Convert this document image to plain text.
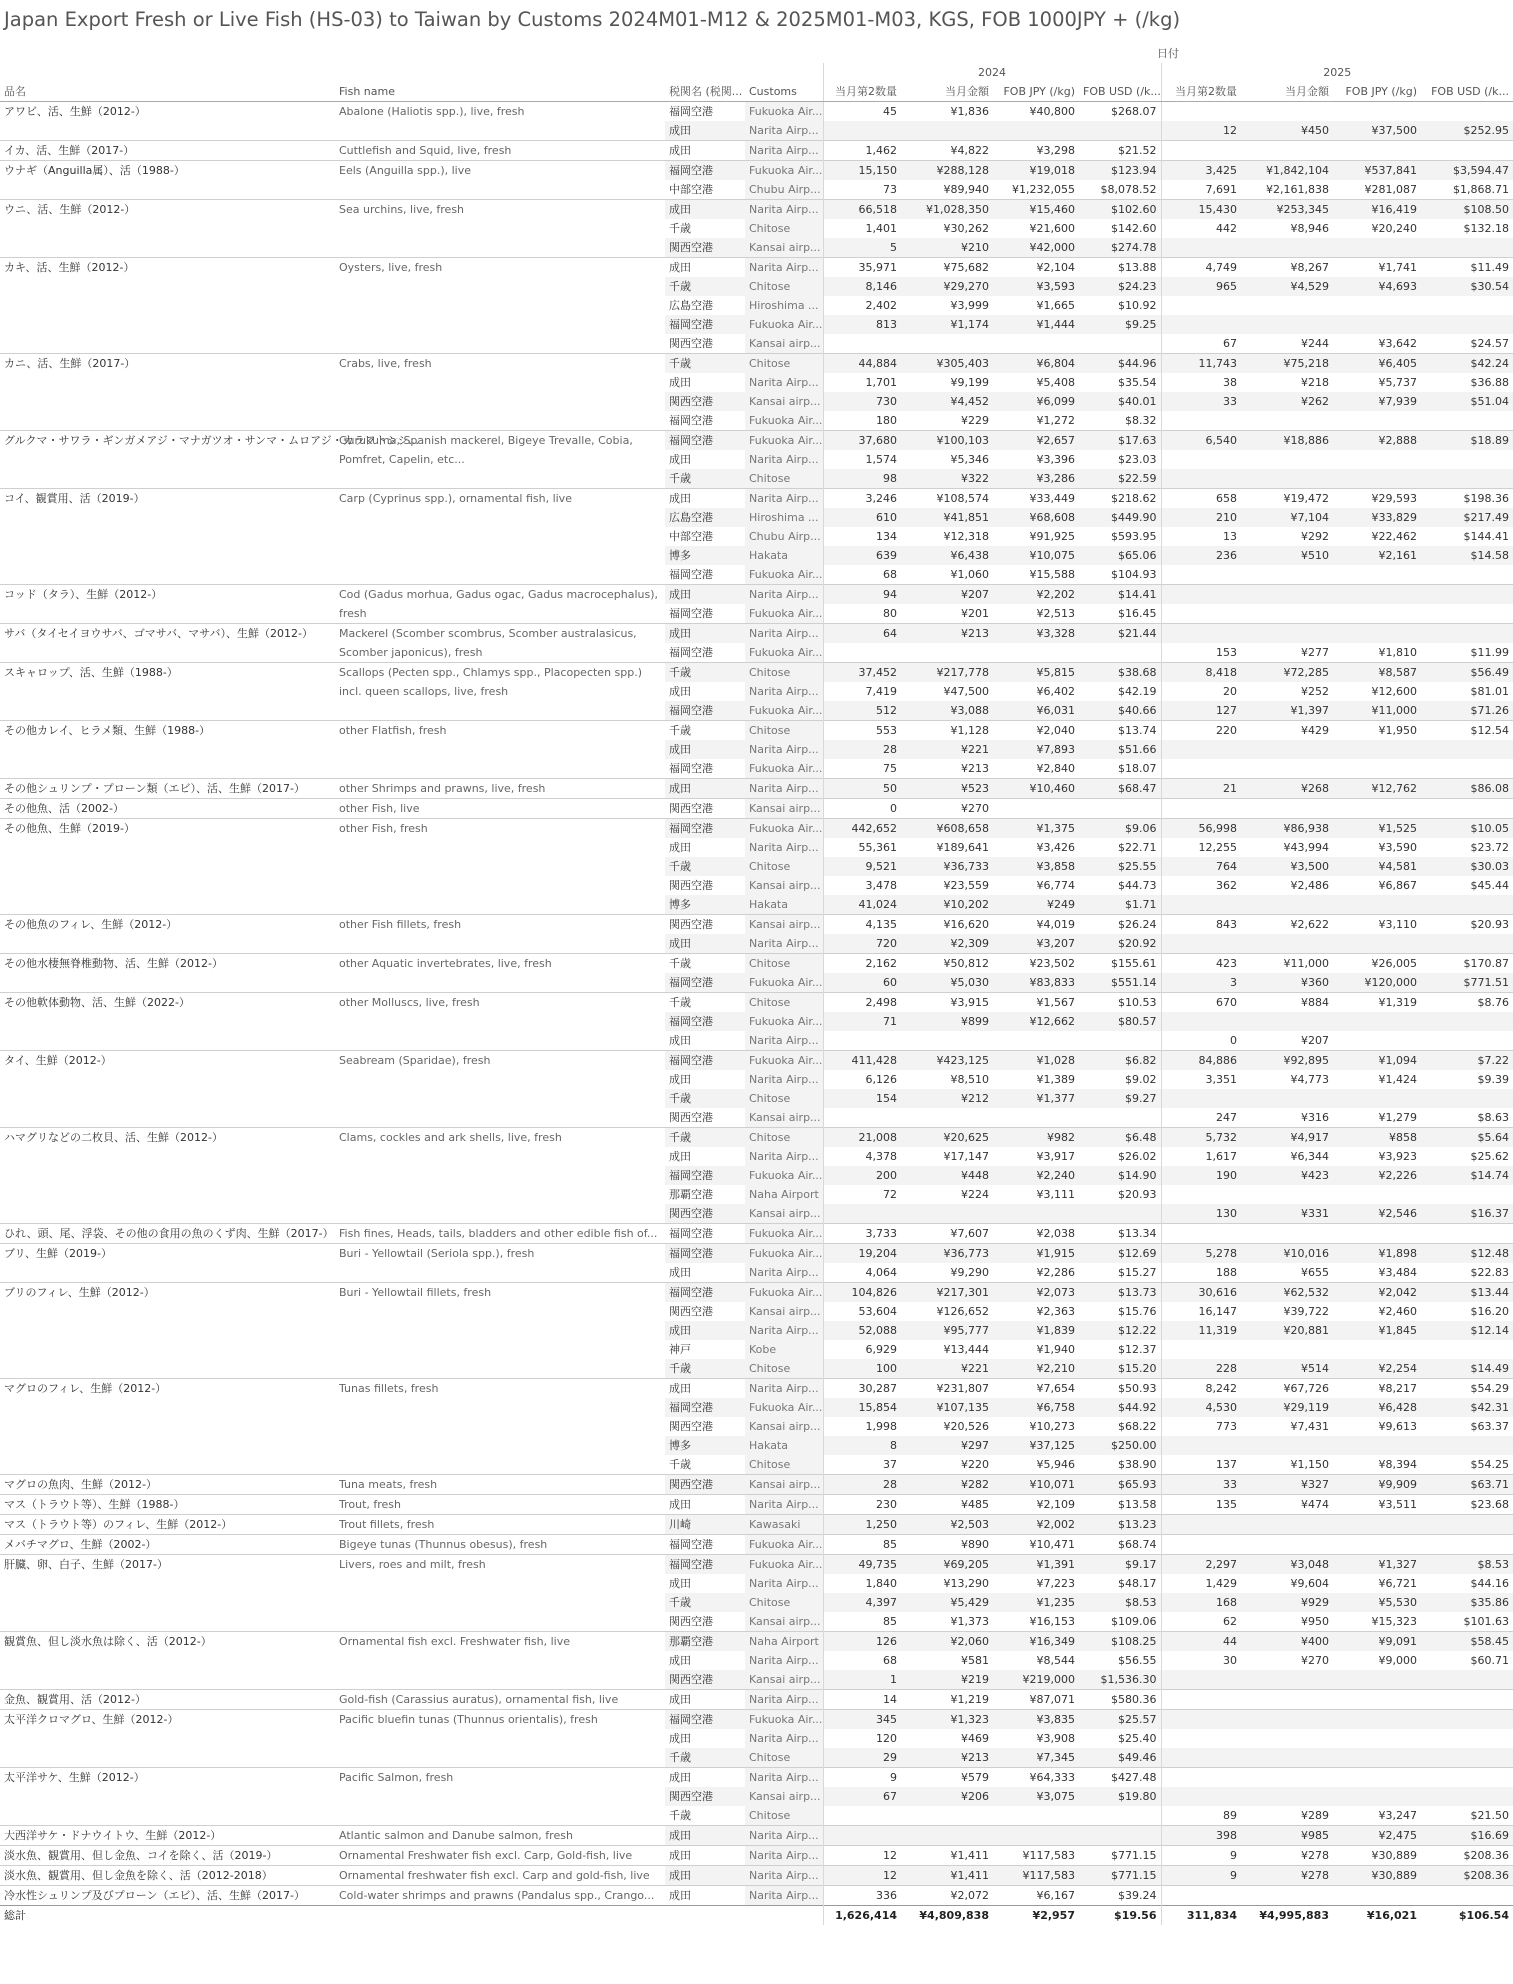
Japan Export Fresh or Live Fish (HS-03) to Taiwan by Customs 2024M01-M12 & 2025M01-M03, KGS, FOB 1000JPY + (/kg)
				日付							
				2024				2025			
品名	Fish name	税関名 (税関...	Customs	当月第2数量	当月金額	FOB JPY (/kg)	FOB USD (/k...	当月第2数量	当月金額	FOB JPY (/kg)	FOB USD (/k...
アワビ、活、生鮮（2012-）	Abalone (Haliotis spp.), live, fresh	福岡空港	Fukuoka Air...	45	¥1,836	¥40,800	$268.07				
		成田	Narita Airp...					12	¥450	¥37,500	$252.95
イカ、活、生鮮（2017-）	Cuttlefish and Squid, live, fresh	成田	Narita Airp...	1,462	¥4,822	¥3,298	$21.52				
ウナギ（Anguilla属）、活（1988-）	Eels (Anguilla spp.), live	福岡空港	Fukuoka Air...	15,150	¥288,128	¥19,018	$123.94	3,425	¥1,842,104	¥537,841	$3,594.47
		中部空港	Chubu Airp...	73	¥89,940	¥1,232,055	$8,078.52	7,691	¥2,161,838	¥281,087	$1,868.71
ウニ、活、生鮮（2012-）	Sea urchins, live, fresh	成田	Narita Airp...	66,518	¥1,028,350	¥15,460	$102.60	15,430	¥253,345	¥16,419	$108.50
		千歳	Chitose	1,401	¥30,262	¥21,600	$142.60	442	¥8,946	¥20,240	$132.18
		関西空港	Kansai airp...	5	¥210	¥42,000	$274.78				
カキ、活、生鮮（2012-）	Oysters, live, fresh	成田	Narita Airp...	35,971	¥75,682	¥2,104	$13.88	4,749	¥8,267	¥1,741	$11.49
		千歳	Chitose	8,146	¥29,270	¥3,593	$24.23	965	¥4,529	¥4,693	$30.54
		広島空港	Hiroshima ...	2,402	¥3,999	¥1,665	$10.92				
		福岡空港	Fukuoka Air...	813	¥1,174	¥1,444	$9.25				
		関西空港	Kansai airp...					67	¥244	¥3,642	$24.57
カニ、活、生鮮（2017-）	Crabs, live, fresh	千歳	Chitose	44,884	¥305,403	¥6,804	$44.96	11,743	¥75,218	¥6,405	$42.24
		成田	Narita Airp...	1,701	¥9,199	¥5,408	$35.54	38	¥218	¥5,737	$36.88
		関西空港	Kansai airp...	730	¥4,452	¥6,099	$40.01	33	¥262	¥7,939	$51.04
		福岡空港	Fukuoka Air...	180	¥229	¥1,272	$8.32				
グルクマ・サワラ・ギンガメアジ・マナガツオ・サンマ・ムロアジ・カラフトシシ...	Gurukuma, Spanish mackerel, Bigeye Trevalle, Cobia, Pomfret, Capelin, etc...	福岡空港	Fukuoka Air...	37,680	¥100,103	¥2,657	$17.63	6,540	¥18,886	¥2,888	$18.89
		成田	Narita Airp...	1,574	¥5,346	¥3,396	$23.03				
		千歳	Chitose	98	¥322	¥3,286	$22.59				
コイ、観賞用、活（2019-）	Carp (Cyprinus spp.), ornamental fish, live	成田	Narita Airp...	3,246	¥108,574	¥33,449	$218.62	658	¥19,472	¥29,593	$198.36
		広島空港	Hiroshima ...	610	¥41,851	¥68,608	$449.90	210	¥7,104	¥33,829	$217.49
		中部空港	Chubu Airp...	134	¥12,318	¥91,925	$593.95	13	¥292	¥22,462	$144.41
		博多	Hakata	639	¥6,438	¥10,075	$65.06	236	¥510	¥2,161	$14.58
		福岡空港	Fukuoka Air...	68	¥1,060	¥15,588	$104.93				
コッド（タラ）、生鮮（2012-）	Cod (Gadus morhua, Gadus ogac, Gadus macrocephalus), fresh	成田	Narita Airp...	94	¥207	¥2,202	$14.41				
		福岡空港	Fukuoka Air...	80	¥201	¥2,513	$16.45				
サバ（タイセイヨウサバ、ゴマサバ、マサバ）、生鮮（2012-）	Mackerel (Scomber scombrus, Scomber australasicus, Scomber japonicus), fresh	成田	Narita Airp...	64	¥213	¥3,328	$21.44				
		福岡空港	Fukuoka Air...					153	¥277	¥1,810	$11.99
スキャロップ、活、生鮮（1988-）	Scallops (Pecten spp., Chlamys spp., Placopecten spp.) incl. queen scallops, live, fresh	千歳	Chitose	37,452	¥217,778	¥5,815	$38.68	8,418	¥72,285	¥8,587	$56.49
		成田	Narita Airp...	7,419	¥47,500	¥6,402	$42.19	20	¥252	¥12,600	$81.01
		福岡空港	Fukuoka Air...	512	¥3,088	¥6,031	$40.66	127	¥1,397	¥11,000	$71.26
その他カレイ、ヒラメ類、生鮮（1988-）	other Flatfish, fresh	千歳	Chitose	553	¥1,128	¥2,040	$13.74	220	¥429	¥1,950	$12.54
		成田	Narita Airp...	28	¥221	¥7,893	$51.66				
		福岡空港	Fukuoka Air...	75	¥213	¥2,840	$18.07				
その他シュリンプ・プローン類（エビ）、活、生鮮（2017-）	other Shrimps and prawns, live, fresh	成田	Narita Airp...	50	¥523	¥10,460	$68.47	21	¥268	¥12,762	$86.08
その他魚、活（2002-）	other Fish, live	関西空港	Kansai airp...	0	¥270						
その他魚、生鮮（2019-）	other Fish, fresh	福岡空港	Fukuoka Air...	442,652	¥608,658	¥1,375	$9.06	56,998	¥86,938	¥1,525	$10.05
		成田	Narita Airp...	55,361	¥189,641	¥3,426	$22.71	12,255	¥43,994	¥3,590	$23.72
		千歳	Chitose	9,521	¥36,733	¥3,858	$25.55	764	¥3,500	¥4,581	$30.03
		関西空港	Kansai airp...	3,478	¥23,559	¥6,774	$44.73	362	¥2,486	¥6,867	$45.44
		博多	Hakata	41,024	¥10,202	¥249	$1.71				
その他魚のフィレ、生鮮（2012-）	other Fish fillets, fresh	関西空港	Kansai airp...	4,135	¥16,620	¥4,019	$26.24	843	¥2,622	¥3,110	$20.93
		成田	Narita Airp...	720	¥2,309	¥3,207	$20.92				
その他水棲無脊椎動物、活、生鮮（2012-）	other Aquatic invertebrates, live, fresh	千歳	Chitose	2,162	¥50,812	¥23,502	$155.61	423	¥11,000	¥26,005	$170.87
		福岡空港	Fukuoka Air...	60	¥5,030	¥83,833	$551.14	3	¥360	¥120,000	$771.51
その他軟体動物、活、生鮮（2022-）	other Molluscs, live, fresh	千歳	Chitose	2,498	¥3,915	¥1,567	$10.53	670	¥884	¥1,319	$8.76
		福岡空港	Fukuoka Air...	71	¥899	¥12,662	$80.57				
		成田	Narita Airp...					0	¥207		
タイ、生鮮（2012-）	Seabream (Sparidae), fresh	福岡空港	Fukuoka Air...	411,428	¥423,125	¥1,028	$6.82	84,886	¥92,895	¥1,094	$7.22
		成田	Narita Airp...	6,126	¥8,510	¥1,389	$9.02	3,351	¥4,773	¥1,424	$9.39
		千歳	Chitose	154	¥212	¥1,377	$9.27				
		関西空港	Kansai airp...					247	¥316	¥1,279	$8.63
ハマグリなどの二枚貝、活、生鮮（2012-）	Clams, cockles and ark shells, live, fresh	千歳	Chitose	21,008	¥20,625	¥982	$6.48	5,732	¥4,917	¥858	$5.64
		成田	Narita Airp...	4,378	¥17,147	¥3,917	$26.02	1,617	¥6,344	¥3,923	$25.62
		福岡空港	Fukuoka Air...	200	¥448	¥2,240	$14.90	190	¥423	¥2,226	$14.74
		那覇空港	Naha Airport	72	¥224	¥3,111	$20.93				
		関西空港	Kansai airp...					130	¥331	¥2,546	$16.37
ひれ、頭、尾、浮袋、その他の食用の魚のくず肉、生鮮（2017-）	Fish fines, Heads, tails, bladders and other edible fish of...	福岡空港	Fukuoka Air...	3,733	¥7,607	¥2,038	$13.34				
ブリ、生鮮（2019-）	Buri - Yellowtail (Seriola spp.), fresh	福岡空港	Fukuoka Air...	19,204	¥36,773	¥1,915	$12.69	5,278	¥10,016	¥1,898	$12.48
		成田	Narita Airp...	4,064	¥9,290	¥2,286	$15.27	188	¥655	¥3,484	$22.83
ブリのフィレ、生鮮（2012-）	Buri - Yellowtail fillets, fresh	福岡空港	Fukuoka Air...	104,826	¥217,301	¥2,073	$13.73	30,616	¥62,532	¥2,042	$13.44
		関西空港	Kansai airp...	53,604	¥126,652	¥2,363	$15.76	16,147	¥39,722	¥2,460	$16.20
		成田	Narita Airp...	52,088	¥95,777	¥1,839	$12.22	11,319	¥20,881	¥1,845	$12.14
		神戸	Kobe	6,929	¥13,444	¥1,940	$12.37				
		千歳	Chitose	100	¥221	¥2,210	$15.20	228	¥514	¥2,254	$14.49
マグロのフィレ、生鮮（2012-）	Tunas fillets, fresh	成田	Narita Airp...	30,287	¥231,807	¥7,654	$50.93	8,242	¥67,726	¥8,217	$54.29
		福岡空港	Fukuoka Air...	15,854	¥107,135	¥6,758	$44.92	4,530	¥29,119	¥6,428	$42.31
		関西空港	Kansai airp...	1,998	¥20,526	¥10,273	$68.22	773	¥7,431	¥9,613	$63.37
		博多	Hakata	8	¥297	¥37,125	$250.00				
		千歳	Chitose	37	¥220	¥5,946	$38.90	137	¥1,150	¥8,394	$54.25
マグロの魚肉、生鮮（2012-）	Tuna meats, fresh	関西空港	Kansai airp...	28	¥282	¥10,071	$65.93	33	¥327	¥9,909	$63.71
マス（トラウト等）、生鮮（1988-）	Trout, fresh	成田	Narita Airp...	230	¥485	¥2,109	$13.58	135	¥474	¥3,511	$23.68
マス（トラウト等）のフィレ、生鮮（2012-）	Trout fillets, fresh	川崎	Kawasaki	1,250	¥2,503	¥2,002	$13.23				
メバチマグロ、生鮮（2002-）	Bigeye tunas (Thunnus obesus), fresh	福岡空港	Fukuoka Air...	85	¥890	¥10,471	$68.74				
肝臓、卵、白子、生鮮（2017-）	Livers, roes and milt, fresh	福岡空港	Fukuoka Air...	49,735	¥69,205	¥1,391	$9.17	2,297	¥3,048	¥1,327	$8.53
		成田	Narita Airp...	1,840	¥13,290	¥7,223	$48.17	1,429	¥9,604	¥6,721	$44.16
		千歳	Chitose	4,397	¥5,429	¥1,235	$8.53	168	¥929	¥5,530	$35.86
		関西空港	Kansai airp...	85	¥1,373	¥16,153	$109.06	62	¥950	¥15,323	$101.63
観賞魚、但し淡水魚は除く、活（2012-）	Ornamental fish excl. Freshwater fish, live	那覇空港	Naha Airport	126	¥2,060	¥16,349	$108.25	44	¥400	¥9,091	$58.45
		成田	Narita Airp...	68	¥581	¥8,544	$56.55	30	¥270	¥9,000	$60.71
		関西空港	Kansai airp...	1	¥219	¥219,000	$1,536.30				
金魚、観賞用、活（2012-）	Gold-fish (Carassius auratus), ornamental fish, live	成田	Narita Airp...	14	¥1,219	¥87,071	$580.36				
太平洋クロマグロ、生鮮（2012-）	Pacific bluefin tunas (Thunnus orientalis), fresh	福岡空港	Fukuoka Air...	345	¥1,323	¥3,835	$25.57				
		成田	Narita Airp...	120	¥469	¥3,908	$25.40				
		千歳	Chitose	29	¥213	¥7,345	$49.46				
太平洋サケ、生鮮（2012-）	Pacific Salmon, fresh	成田	Narita Airp...	9	¥579	¥64,333	$427.48				
		関西空港	Kansai airp...	67	¥206	¥3,075	$19.80				
		千歳	Chitose					89	¥289	¥3,247	$21.50
大西洋サケ・ドナウイトウ、生鮮（2012-）	Atlantic salmon and Danube salmon, fresh	成田	Narita Airp...					398	¥985	¥2,475	$16.69
淡水魚、観賞用、但し金魚、コイを除く、活（2019-）	Ornamental Freshwater fish excl. Carp, Gold-fish, live	成田	Narita Airp...	12	¥1,411	¥117,583	$771.15	9	¥278	¥30,889	$208.36
淡水魚、観賞用、但し金魚を除く、活（2012-2018）	Ornamental freshwater fish excl. Carp and gold-fish, live	成田	Narita Airp...	12	¥1,411	¥117,583	$771.15	9	¥278	¥30,889	$208.36
冷水性シュリンプ及びプローン（エビ）、活、生鮮（2017-）	Cold-water shrimps and prawns (Pandalus spp., Crango...	成田	Narita Airp...	336	¥2,072	¥6,167	$39.24				
総計				1,626,414	¥4,809,838	¥2,957	$19.56	311,834	¥4,995,883	¥16,021	$106.54
